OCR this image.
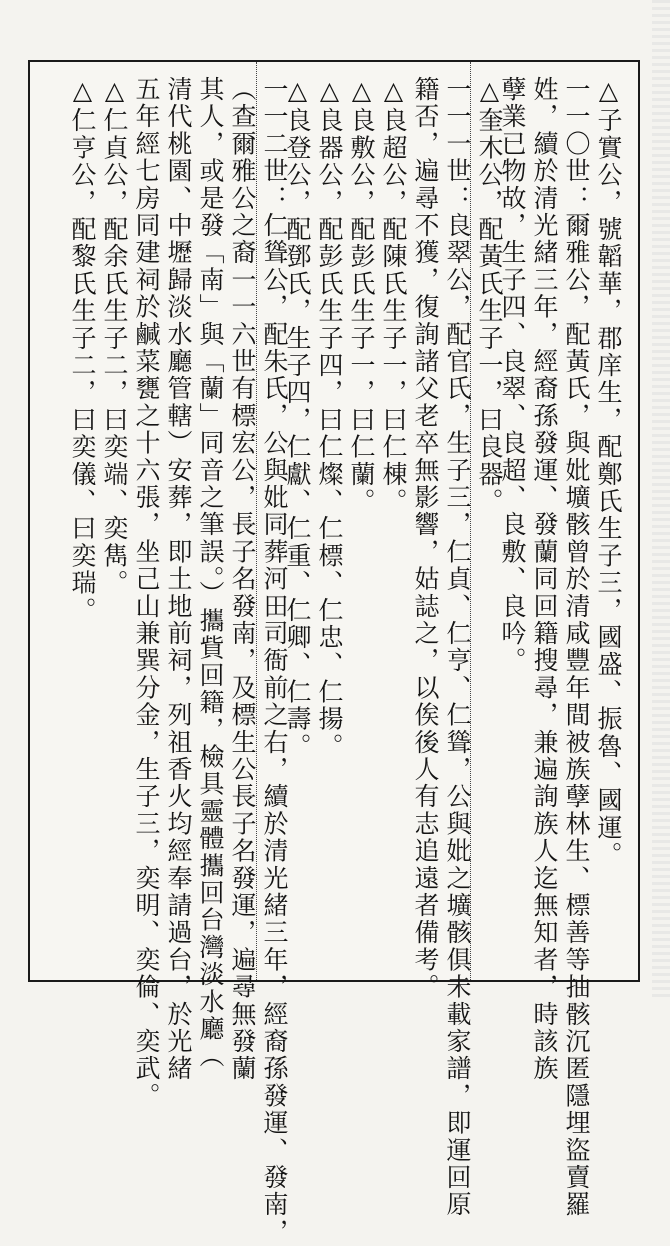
△子實公，號韜華，郡庠生，配鄭氏生子三，國盛、振魯、國運。
一一〇世：爾雅公，配黃氏，與妣壙骸曾於清咸豐年間被族孽林生、標善等抽骸沉匿隱埋盜賣羅
姓，續於清光緒三年，經裔孫發運、發蘭同回籍搜尋，兼遍詢族人迄無知者，時該族
孽業已物故，生子四、良翠、良超、良敷、良吟。
△奎木公，配黃氏生子一，曰良器。
一一一世：良翠公，配官氏，生子三，仁貞、仁亨、仁聳，公與妣之壙骸俱未載家譜，即運回原
籍否，遍尋不獲，復詢諸父老卒無影響，姑誌之，以俟後人有志追遠者備考。
△良超公，配陳氏生子一，曰仁棟。
△良敷公，配彭氏生子一，曰仁蘭。
△良器公，配彭氏生子四，曰仁燦、仁標、仁忠、仁揚。
△良登公，配鄧氏，生子四，仁獻、仁重、仁卿、仁壽。
一一二世：仁聳公，配朱氏，公與妣同葬河田司衙前之右，續於清光緒三年，經裔孫發運、發南，
（查爾雅公之裔一一六世有標宏公，長子名發南，及標生公長子名發運，遍尋無發蘭
其人，或是發「南」與「蘭」同音之筆誤。）攜貲回籍，檢具靈體攜回台灣淡水廳（
清代桃園、中壢歸淡水廳管轄）安葬，即土地前祠，列祖香火均經奉請過台，於光緒
五年經七房同建祠於鹹菜甕之十六張，坐己山兼巽分金，生子三，奕明、奕倫、奕武。
△仁貞公，配余氏生子二，曰奕端、奕雋。
△仁亨公，配黎氏生子二，曰奕儀、曰奕瑞。
